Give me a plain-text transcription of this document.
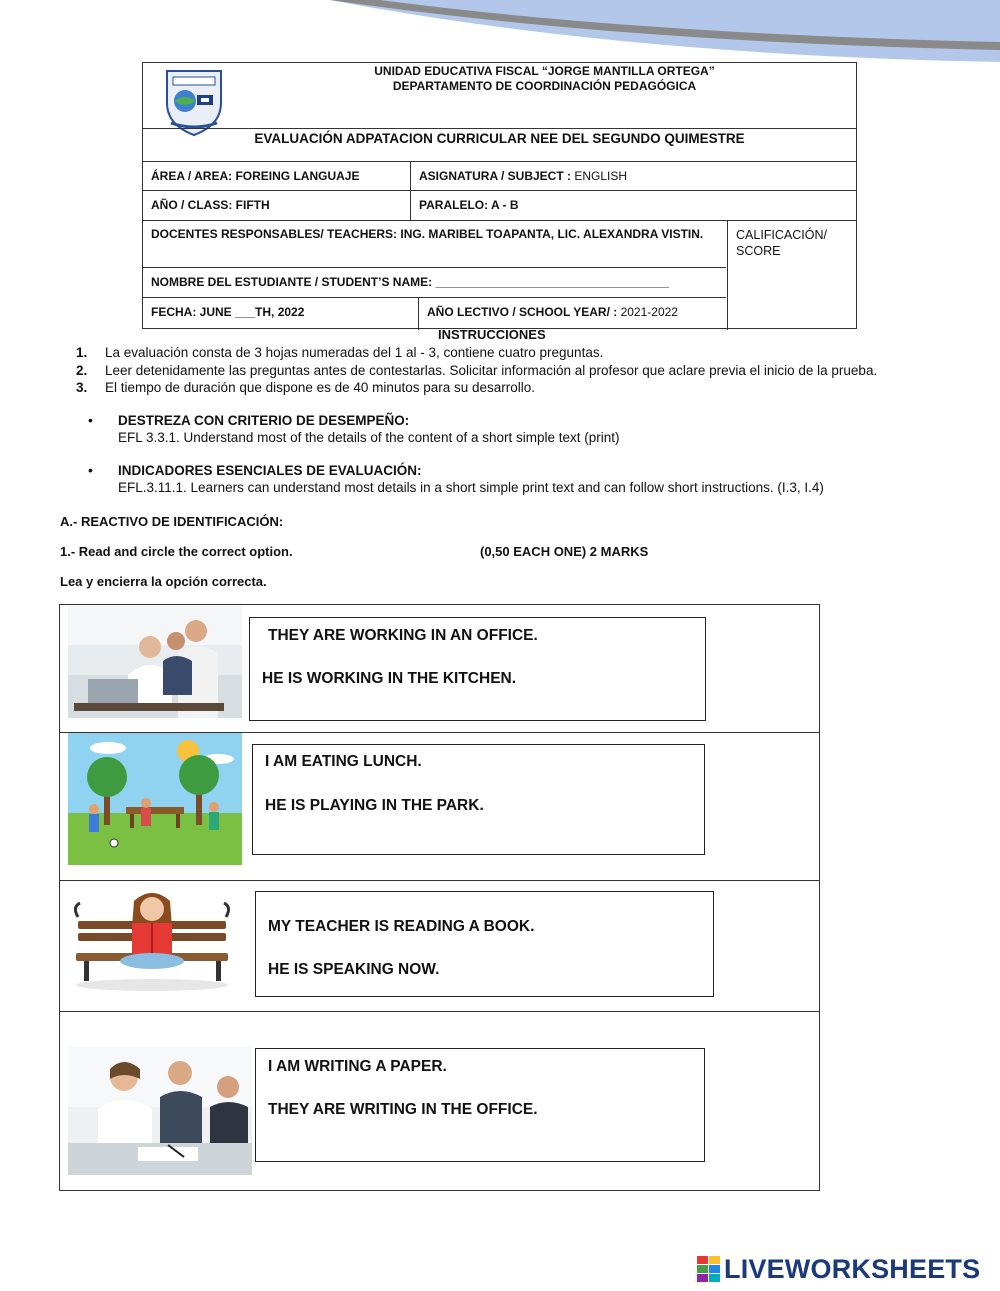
UNIDAD EDUCATIVA FISCAL “JORGE MANTILLA ORTEGA”
DEPARTAMENTO DE COORDINACIÓN PEDAGÓGICA
EVALUACIÓN ADPATACION CURRICULAR NEE DEL SEGUNDO QUIMESTRE
ÁREA / AREA: FOREING LANGUAJE	ASIGNATURA / SUBJECT : ENGLISH
AÑO / CLASS: FIFTH	PARALELO: A - B
CALIFICACIÓN/ SCORE
DOCENTES RESPONSABLES/ TEACHERS: ING. MARIBEL TOAPANTA, LIC. ALEXANDRA VISTIN.
NOMBRE DEL ESTUDIANTE / STUDENT’S NAME: ___________________________________
FECHA: JUNE ___TH, 2022	AÑO LECTIVO / SCHOOL YEAR/ : 2021-2022
INSTRUCCIONES
1.	La evaluación consta de 3 hojas numeradas del 1 al - 3, contiene cuatro preguntas.
2.	Leer detenidamente las preguntas antes de contestarlas. Solicitar información al profesor que aclare previa el inicio de la prueba.
3.	El tiempo de duración que dispone es de 40 minutos para su desarrollo.
• DESTREZA CON CRITERIO DE DESEMPEÑO:
EFL 3.3.1. Understand most of the details of the content of a short simple text (print)
• INDICADORES ESENCIALES DE EVALUACIÓN:
EFL.3.11.1. Learners can understand most details in a short simple print text and can follow short instructions. (I.3, I.4)
A.- REACTIVO DE IDENTIFICACIÓN:
1.- Read and circle the correct option.	(0,50 EACH ONE) 2 MARKS
Lea y encierra la opción correcta.
THEY ARE WORKING IN AN OFFICE.
HE IS WORKING IN THE KITCHEN.
I AM EATING LUNCH.
HE IS PLAYING IN THE PARK.
MY TEACHER IS READING A BOOK.
HE IS SPEAKING NOW.
I AM WRITING A PAPER.
THEY ARE WRITING IN THE OFFICE.
LIVEWORKSHEETS
